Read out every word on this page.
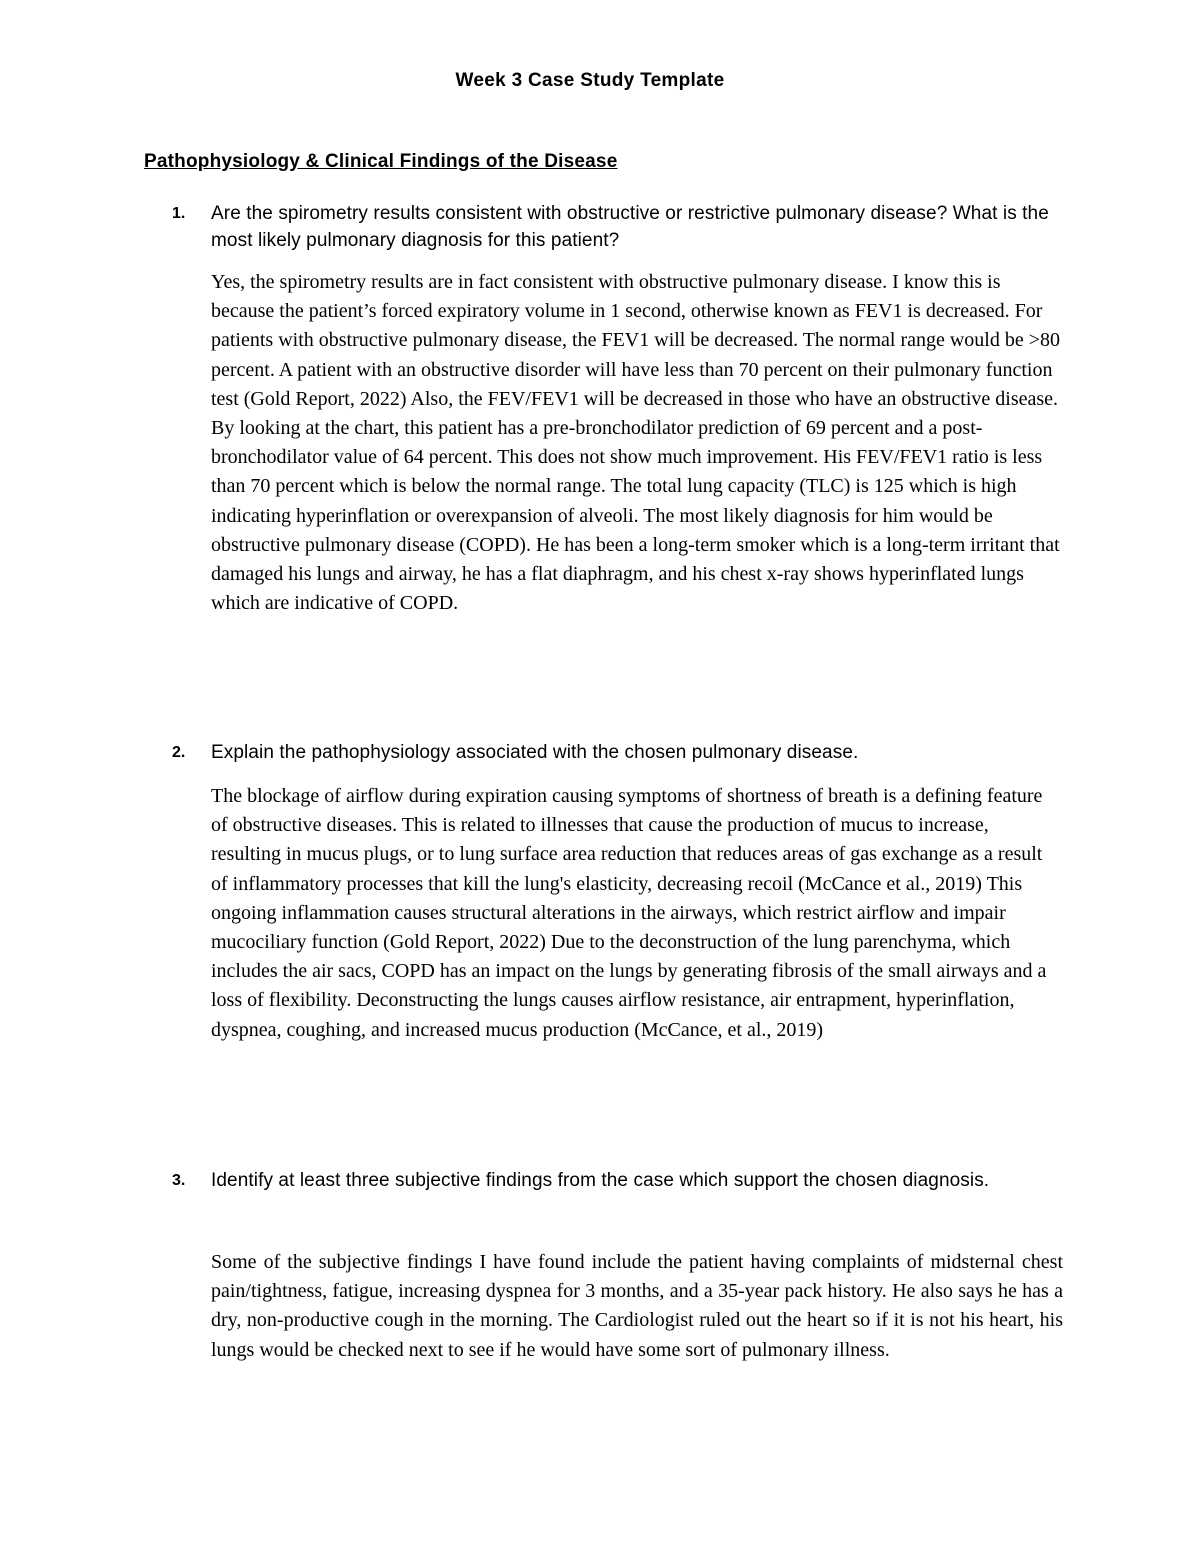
Week 3 Case Study Template
Pathophysiology & Clinical Findings of the Disease
1. Are the spirometry results consistent with obstructive or restrictive pulmonary disease? What is the most likely pulmonary diagnosis for this patient?
Yes, the spirometry results are in fact consistent with obstructive pulmonary disease. I know this is because the patient’s forced expiratory volume in 1 second, otherwise known as FEV1 is decreased. For patients with obstructive pulmonary disease, the FEV1 will be decreased. The normal range would be >80 percent. A patient with an obstructive disorder will have less than 70 percent on their pulmonary function test (Gold Report, 2022) Also, the FEV/FEV1 will be decreased in those who have an obstructive disease. By looking at the chart, this patient has a pre-bronchodilator prediction of 69 percent and a post-bronchodilator value of 64 percent. This does not show much improvement. His FEV/FEV1 ratio is less than 70 percent which is below the normal range. The total lung capacity (TLC) is 125 which is high indicating hyperinflation or overexpansion of alveoli. The most likely diagnosis for him would be obstructive pulmonary disease (COPD). He has been a long-term smoker which is a long-term irritant that damaged his lungs and airway, he has a flat diaphragm, and his chest x-ray shows hyperinflated lungs which are indicative of COPD.
2. Explain the pathophysiology associated with the chosen pulmonary disease.
The blockage of airflow during expiration causing symptoms of shortness of breath is a defining feature of obstructive diseases. This is related to illnesses that cause the production of mucus to increase, resulting in mucus plugs, or to lung surface area reduction that reduces areas of gas exchange as a result of inflammatory processes that kill the lung's elasticity, decreasing recoil (McCance et al., 2019) This ongoing inflammation causes structural alterations in the airways, which restrict airflow and impair mucociliary function (Gold Report, 2022) Due to the deconstruction of the lung parenchyma, which includes the air sacs, COPD has an impact on the lungs by generating fibrosis of the small airways and a loss of flexibility. Deconstructing the lungs causes airflow resistance, air entrapment, hyperinflation, dyspnea, coughing, and increased mucus production (McCance, et al., 2019)
3. Identify at least three subjective findings from the case which support the chosen diagnosis.
Some of the subjective findings I have found include the patient having complaints of midsternal chest pain/tightness, fatigue, increasing dyspnea for 3 months, and a 35-year pack history. He also says he has a dry, non-productive cough in the morning. The Cardiologist ruled out the heart so if it is not his heart, his lungs would be checked next to see if he would have some sort of pulmonary illness.
